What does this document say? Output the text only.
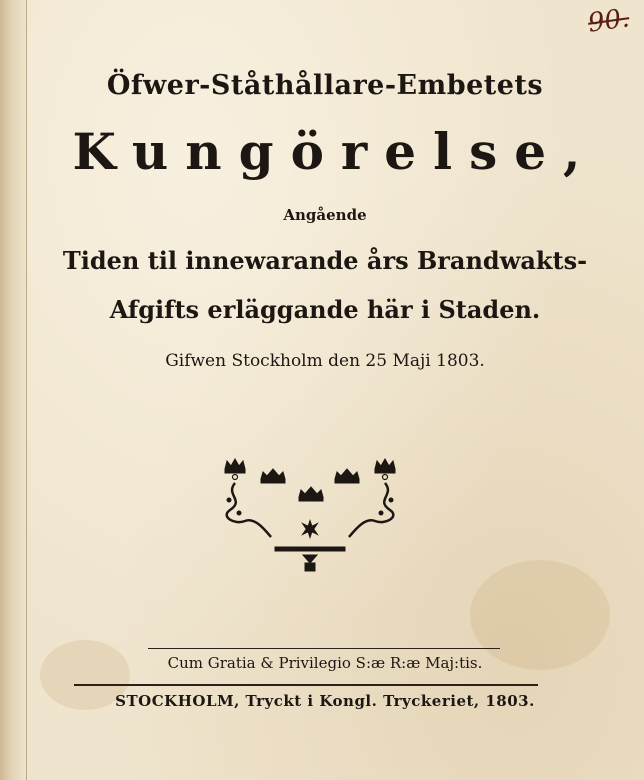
90.
Öfwer-Ståthållare-Embetets
Kungörelse,
Angående
Tiden til innewarande års Brandwakts-
Afgifts erläggande här i Staden.
Gifwen Stockholm den 25 Maji 1803.
Cum Gratia & Privilegio S:æ R:æ Maj:tis.
STOCKHOLM, Tryckt i Kongl. Tryckeriet, 1803.
